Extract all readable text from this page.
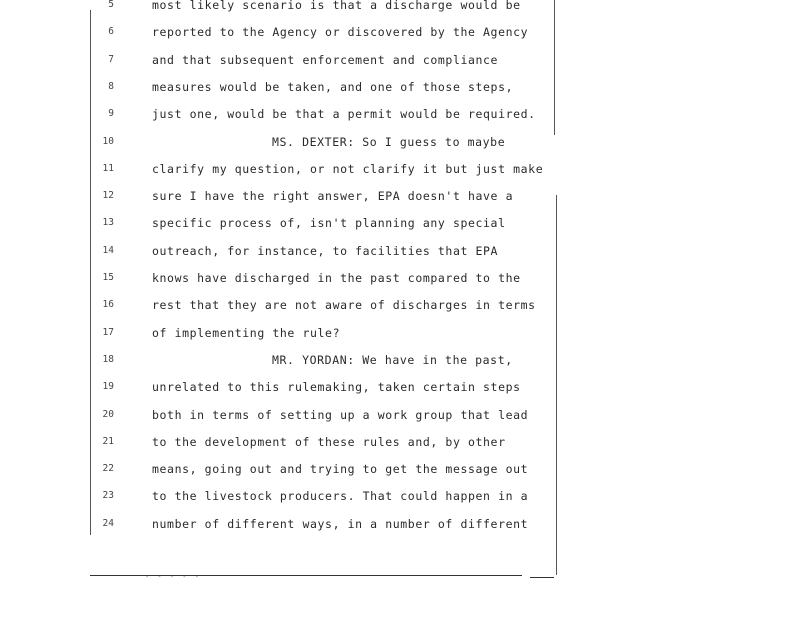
5	most likely scenario is that a discharge would be
6	reported to the Agency or discovered by the Agency
7	and that subsequent enforcement and compliance
8	measures would be taken, and one of those steps,
9	just one, would be that a permit would be required.
10	MS. DEXTER: So I guess to maybe
11	clarify my question, or not clarify it but just make
12	sure I have the right answer, EPA doesn't have a
13	specific process of, isn't planning any special
14	outreach, for instance, to facilities that EPA
15	knows have discharged in the past compared to the
16	rest that they are not aware of discharges in terms
17	of implementing the rule?
18	MR. YORDAN: We have in the past,
19	unrelated to this rulemaking, taken certain steps
20	both in terms of setting up a work group that lead
21	to the development of these rules and, by other
22	means, going out and trying to get the message out
23	to the livestock producers. That could happen in a
24	number of different ways, in a number of different
- - - - -
